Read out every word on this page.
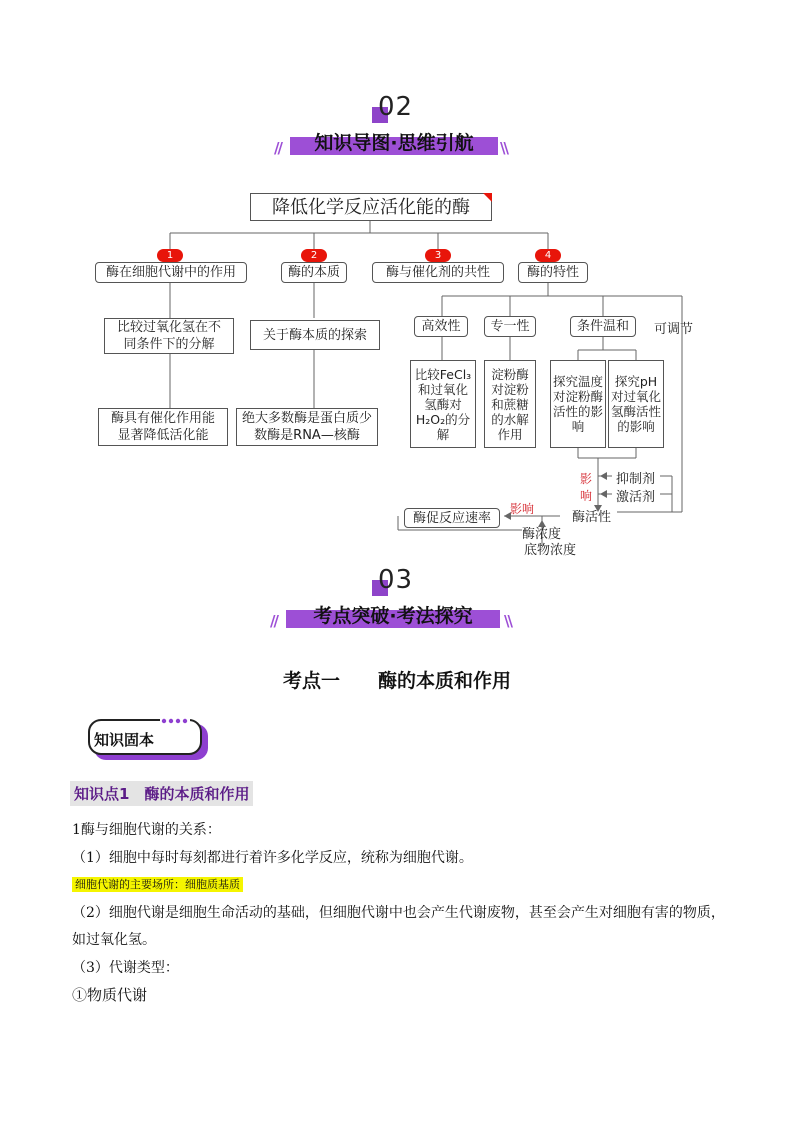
02
//	知识导图·思维引航	\\
降低化学反应活化能的酶
1
酶在细胞代谢中的作用
2
酶的本质
3
酶与催化剂的共性
4
酶的特性
比较过氧化氢在不同条件下的分解
酶具有催化作用能显著降低活化能
关于酶本质的探索
绝大多数酶是蛋白质少数酶是RNA—核酶
高效性	专一性	条件温和	可调节
比较FeCl₃和过氧化氢酶对H₂O₂的分解
淀粉酶对淀粉和蔗糖的水解作用
探究温度对淀粉酶活性的影响
探究pH对过氧化氢酶活性的影响
影
响
抑制剂
激活剂
酶活性
影响
酶促反应速率
酶浓度
底物浓度
03
//	考点突破·考法探究	\\
考点一　　酶的本质和作用
知识固本
知识点1　酶的本质和作用
1酶与细胞代谢的关系：
（1）细胞中每时每刻都进行着许多化学反应，统称为细胞代谢。
细胞代谢的主要场所：细胞质基质
（2）细胞代谢是细胞生命活动的基础，但细胞代谢中也会产生代谢废物，甚至会产生对细胞有害的物质，
如过氧化氢。
（3）代谢类型：
①物质代谢
